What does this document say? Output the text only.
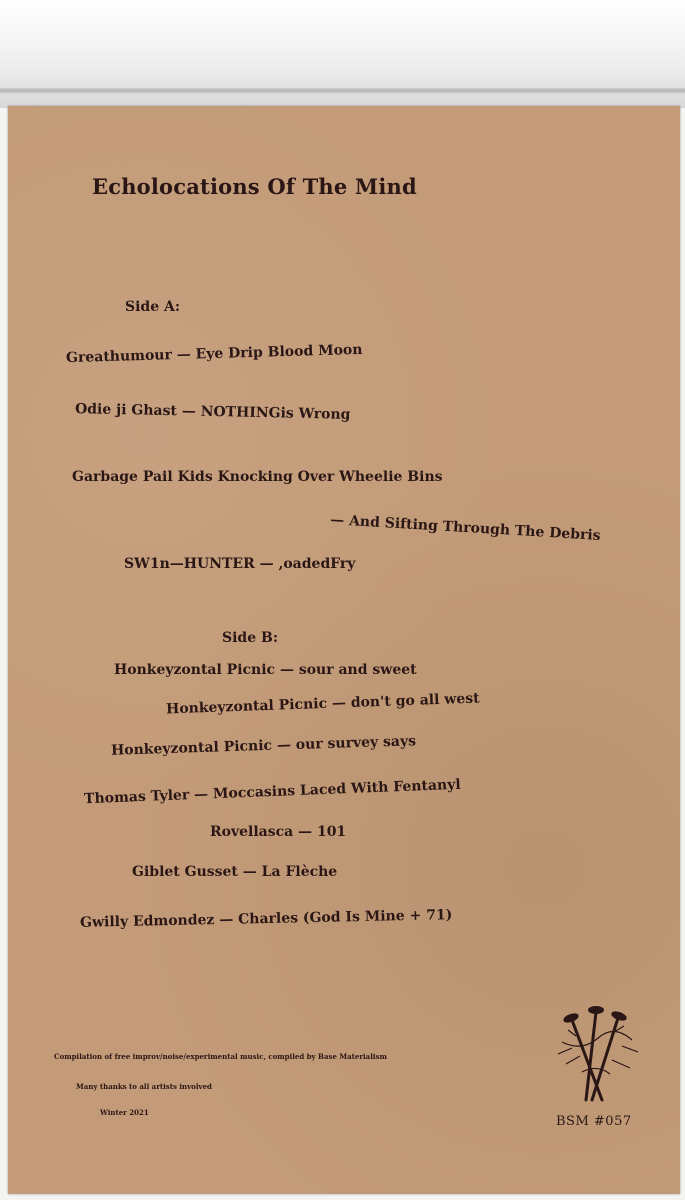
Echolocations Of The Mind
Side A:
Greathumour — Eye Drip Blood Moon
Odie ji Ghast — NOTHINGis Wrong
Garbage Pail Kids Knocking Over Wheelie Bins
— And Sifting Through The Debris
SW1n—HUNTER — ,oadedFry
Side B:
Honkeyzontal Picnic — sour and sweet
Honkeyzontal Picnic — don't go all west
Honkeyzontal Picnic — our survey says
Thomas Tyler — Moccasins Laced With Fentanyl
Rovellasca — 101
Giblet Gusset — La Flèche
Gwilly Edmondez — Charles (God Is Mine + 71)
Compilation of free improv/noise/experimental music, compiled by Base Materialism
Many thanks to all artists involved
Winter 2021
BSM #057
